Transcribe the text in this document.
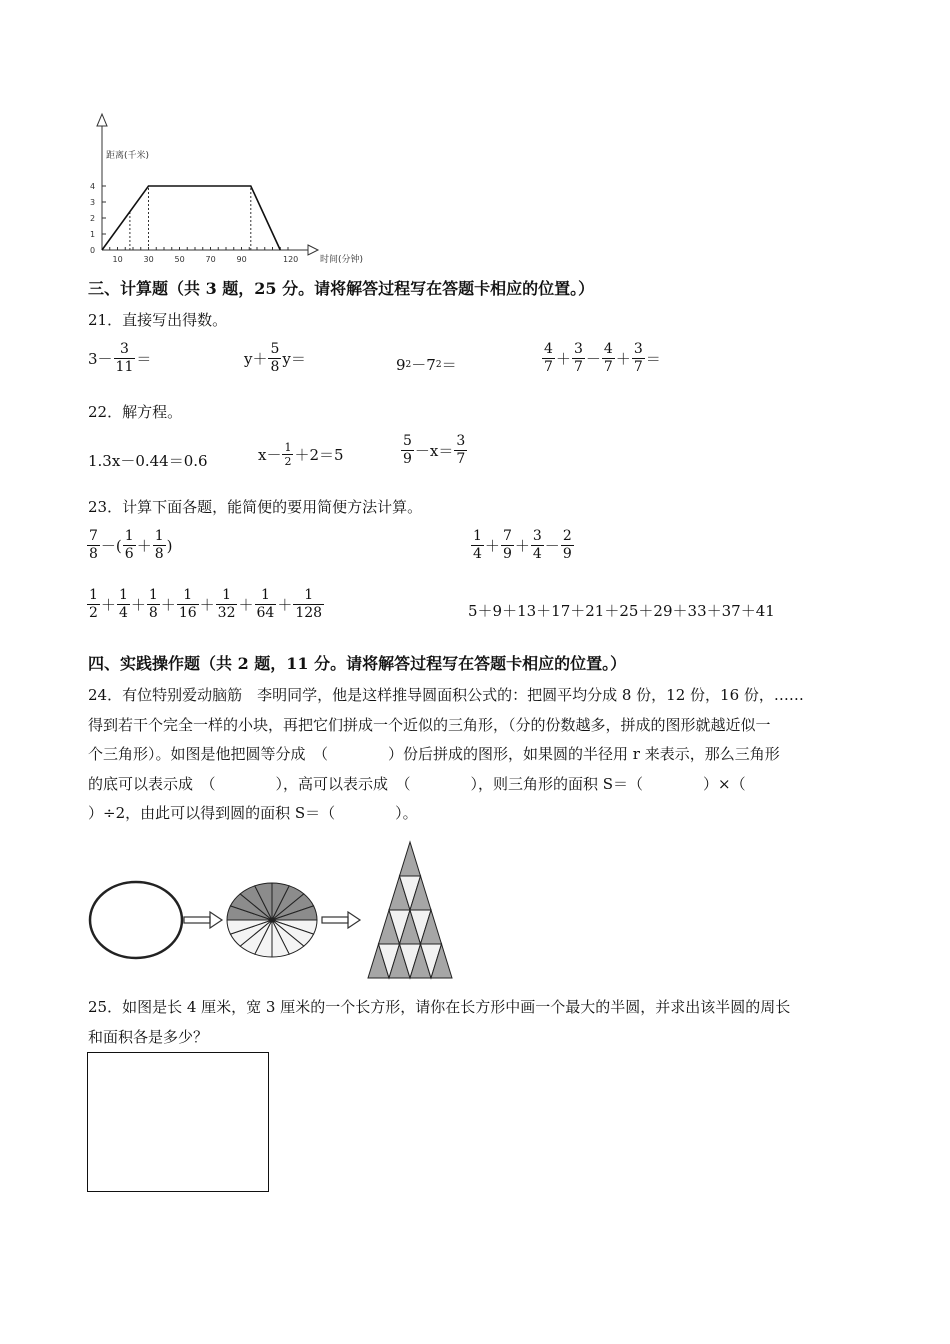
距离(千米)
时间(分钟)
0
1
2
3
4
10	30	50	70	90	120
三、计算题（共 3 题，25 分。请将解答过程写在答题卡相应的位置。）
21．直接写出得数。
$3- \frac{3}{11}$ ＝	$y+ \frac{5}{8} y=$	9 2 －7 2 ＝	$\frac{4}{7} + \frac{3}{7} - \frac{4}{7} + \frac{3}{7}$ ＝
22．解方程。
1.3x－0.44＝0.6	$x- \frac{1}{2} +2=5$	$\frac{5}{9} -x= \frac{3}{7}$
23．计算下面各题，能简便的要用简便方法计算。
$\frac{7}{8}$ －( $\frac{1}{6} + \frac{1}{8}$ )	$\frac{1}{4} + \frac{7}{9} + \frac{3}{4} - \frac{2}{9}$
$\frac{1}{2} + \frac{1}{4} + \frac{1}{8} + \frac{1}{16} + \frac{1}{32} + \frac{1}{64} + \frac{1}{128}$	5＋9＋13＋17＋21＋25＋29＋33＋37＋41
四、实践操作题（共 2 题，11 分。请将解答过程写在答题卡相应的位置。）
24．有位特别爱动脑筋　李明同学，他是这样推导圆面积公式的：把圆平均分成 8 份，12 份，16 份，……
得到若干个完全一样的小块，再把它们拼成一个近似的三角形，（分的份数越多，拼成的图形就越近似一
个三角形）。如图是他把圆等分成　（　　　　）份后拼成的图形，如果圆的半径用 r 来表示，那么三角形
的底可以表示成　（　　　　），高可以表示成　（　　　　），则三角形的面积 S＝（　　　　）×（
）÷2，由此可以得到圆的面积 S＝（　　　　）。
25．如图是长 4 厘米，宽 3 厘米的一个长方形，请你在长方形中画一个最大的半圆，并求出该半圆的周长
和面积各是多少？
